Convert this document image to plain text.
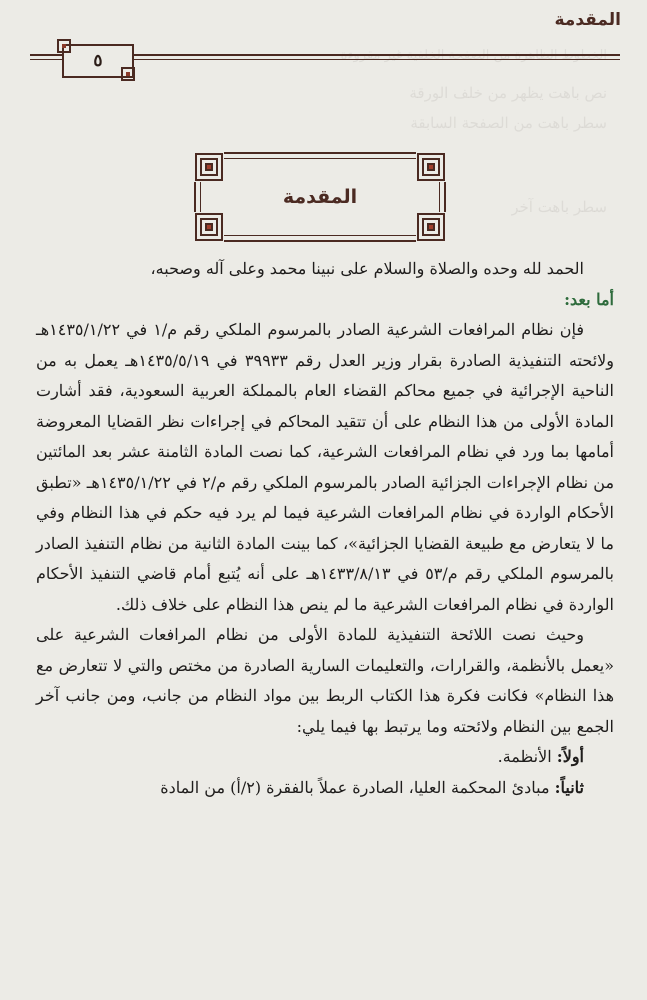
المقدمة
نص باهت يظهر من خلف الورقة
سطر باهت من الصفحة السابقة
سطر باهت آخر
٥
المقدمة

الحمد لله وحده والصلاة والسلام على نبينا محمد وعلى آله وصحبه،

أما بعد:

فإن نظام المرافعات الشرعية الصادر بالمرسوم الملكي رقم م/١ في ١٤٣٥/١/٢٢هـ ولائحته التنفيذية الصادرة بقرار وزير العدل رقم ٣٩٩٣٣ في ١٤٣٥/٥/١٩هـ يعمل به من الناحية الإجرائية في جميع محاكم القضاء العام بالمملكة العربية السعودية، فقد أشارت المادة الأولى من هذا النظام على أن تتقيد المحاكم في إجراءات نظر القضايا المعروضة أمامها بما ورد في نظام المرافعات الشرعية، كما نصت المادة الثامنة عشر بعد المائتين من نظام الإجراءات الجزائية الصادر بالمرسوم الملكي رقم م/٢ في ١٤٣٥/١/٢٢هـ «تطبق الأحكام الواردة في نظام المرافعات الشرعية فيما لم يرد فيه حكم في هذا النظام وفي ما لا يتعارض مع طبيعة القضايا الجزائية»، كما بينت المادة الثانية من نظام التنفيذ الصادر بالمرسوم الملكي رقم م/٥٣ في ١٤٣٣/٨/١٣هـ على أنه يُتبع أمام قاضي التنفيذ الأحكام الواردة في نظام المرافعات الشرعية ما لم ينص هذا النظام على خلاف ذلك.

وحيث نصت اللائحة التنفيذية للمادة الأولى من نظام المرافعات الشرعية على «يعمل بالأنظمة، والقرارات، والتعليمات السارية الصادرة من مختص والتي لا تتعارض مع هذا النظام» فكانت فكرة هذا الكتاب الربط بين مواد النظام من جانب، ومن جانب آخر الجمع بين النظام ولائحته وما يرتبط بها فيما يلي:

أولاً: الأنظمة.

ثانياً: مبادئ المحكمة العليا، الصادرة عملاً بالفقرة (٢/أ) من المادة
